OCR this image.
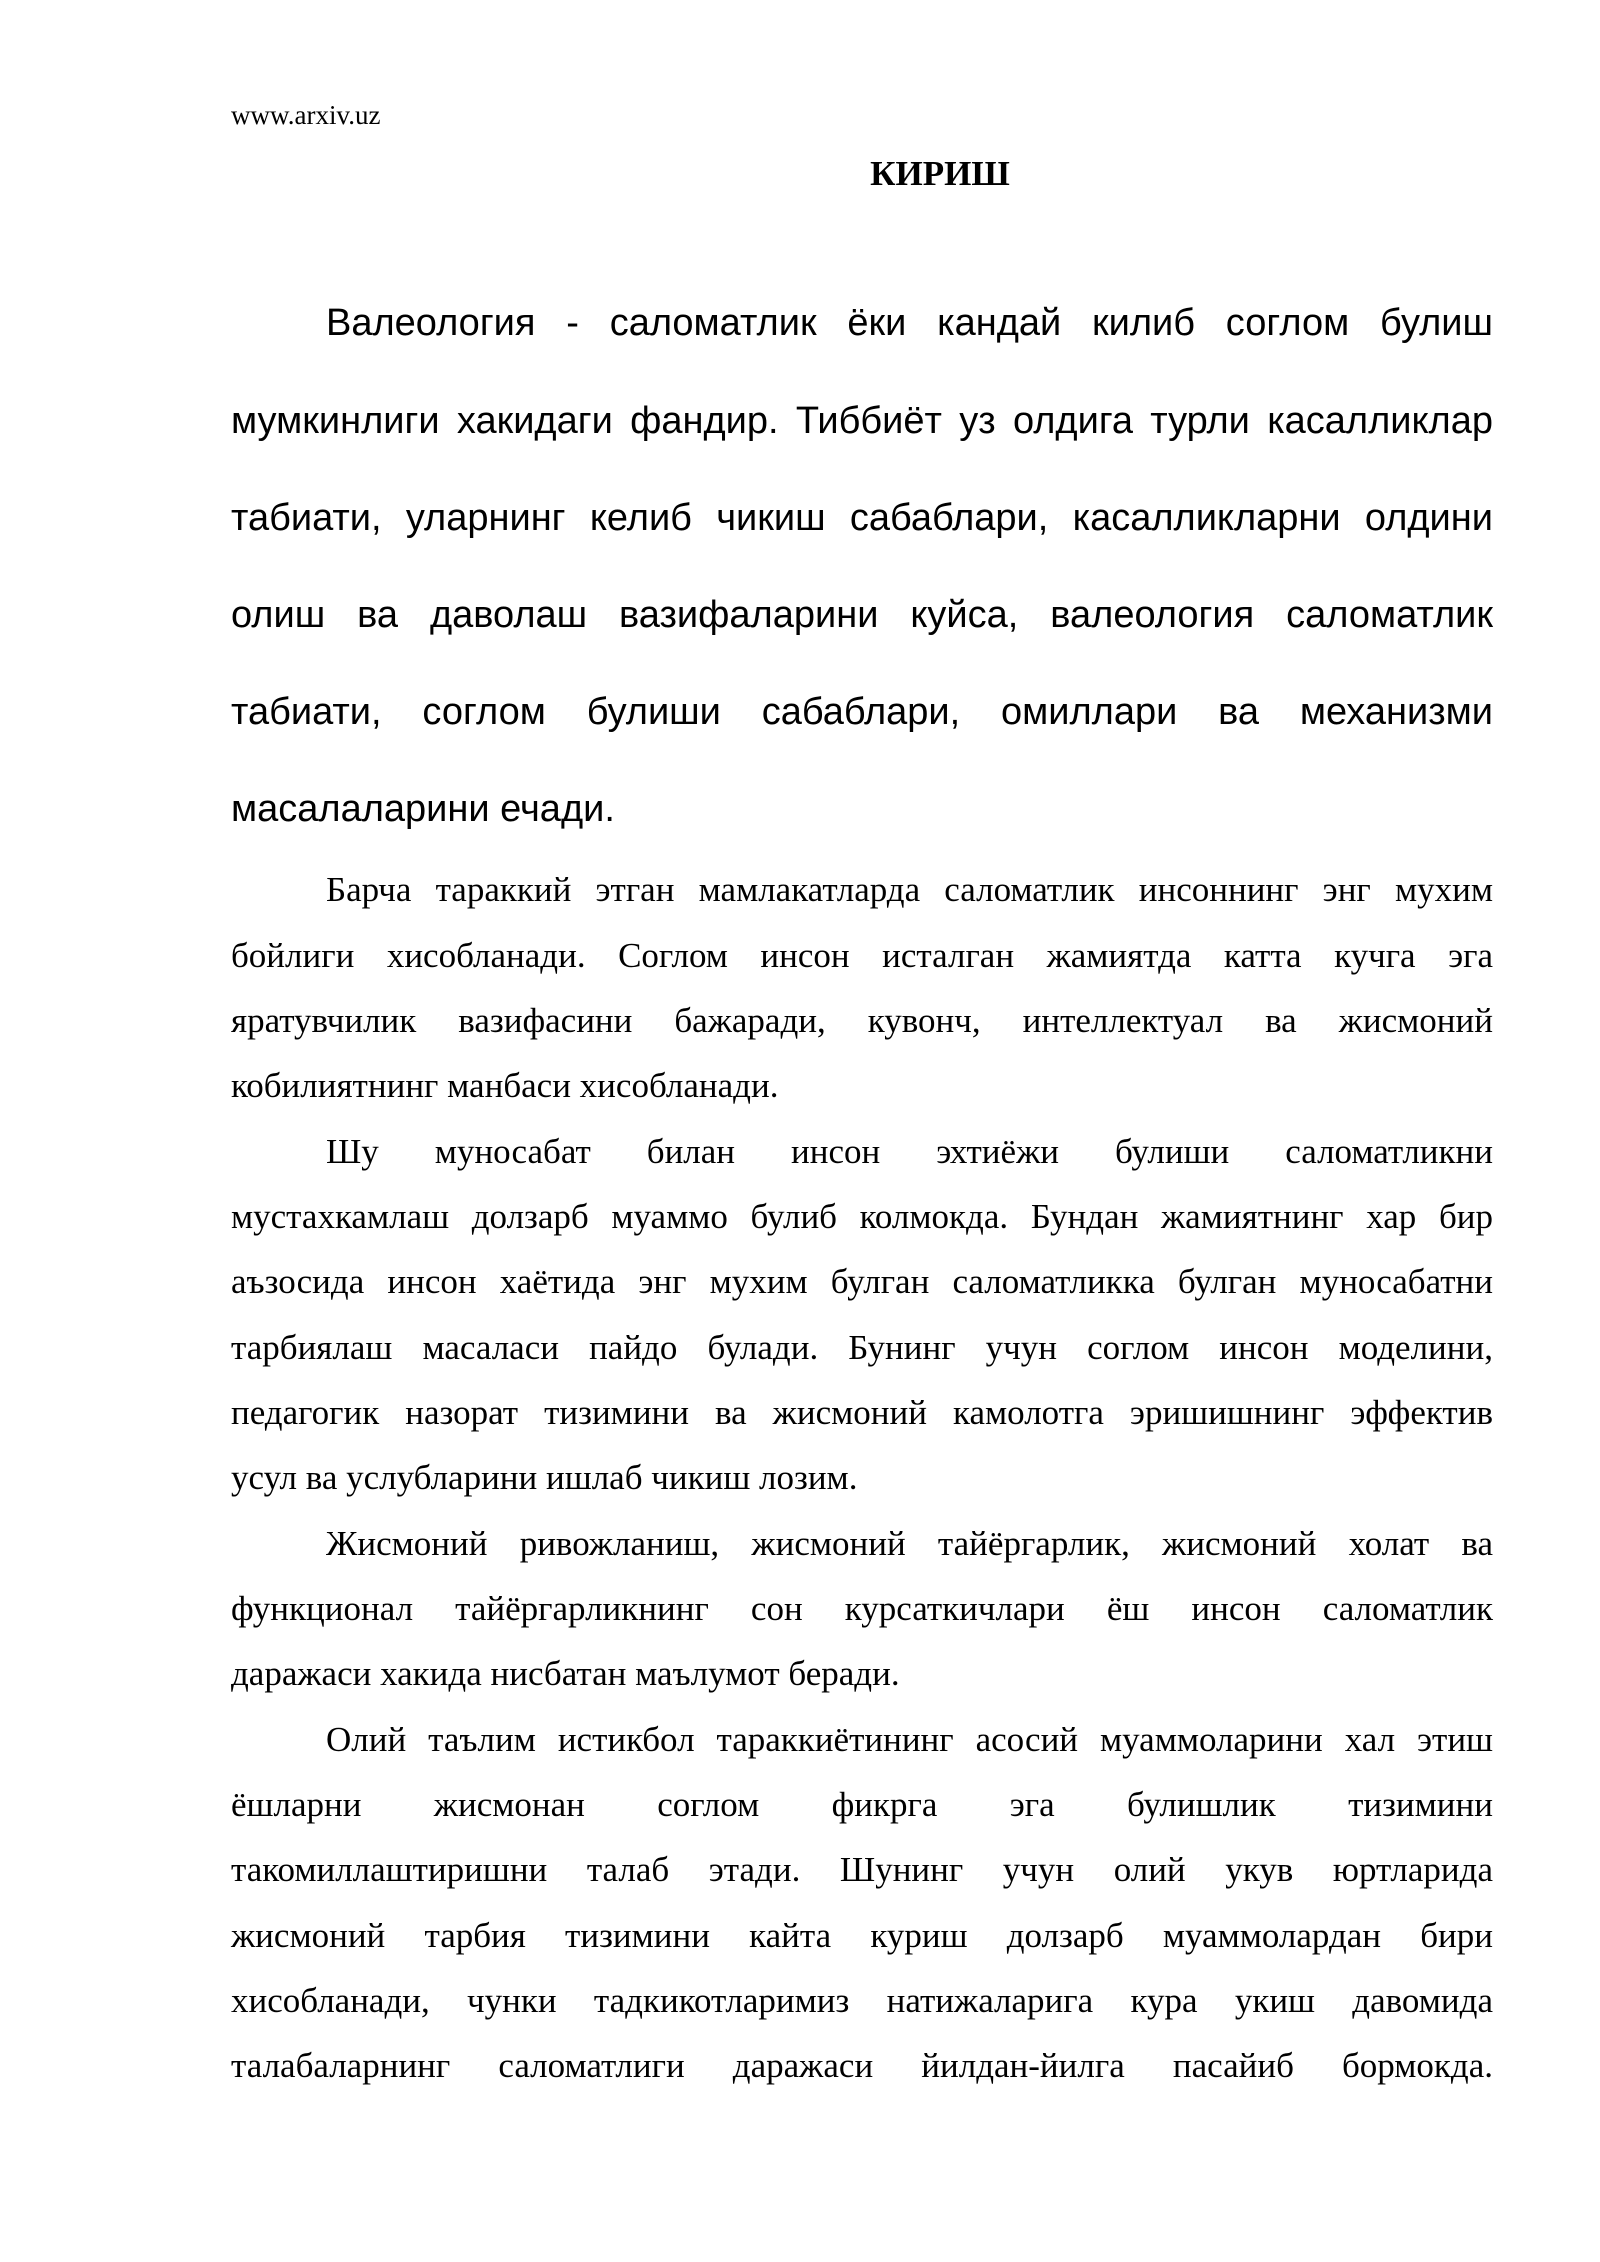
www.arxiv.uz
КИРИШ

Валеология - саломатлик ёки кандай килиб соглом булиш

мумкинлиги хакидаги фандир. Тиббиёт уз олдига турли касалликлар

табиати, уларнинг келиб чикиш сабаблари, касалликларни олдини

олиш ва даволаш вазифаларини куйса, валеология саломатлик

табиати, соглом булиши сабаблари, омиллари ва механизми

масалаларини ечади.

Барча тараккий этган мамлакатларда саломатлик инсоннинг энг мухим

бойлиги хисобланади. Соглом инсон исталган жамиятда катта кучга эга

яратувчилик вазифасини бажаради, кувонч, интеллектуал ва жисмоний

кобилиятнинг манбаси хисобланади.

Шу муносабат билан инсон эхтиёжи булиши саломатликни

мустахкамлаш долзарб муаммо булиб колмокда. Бундан жамиятнинг хар бир

аъзосида инсон хаётида энг мухим булган саломатликка булган муносабатни

тарбиялаш масаласи пайдо булади. Бунинг учун соглом инсон моделини,

педагогик назорат тизимини ва жисмоний камолотга эришишнинг эффектив

усул ва услубларини ишлаб чикиш лозим.

Жисмоний ривожланиш, жисмоний тайёргарлик, жисмоний холат ва

функционал тайёргарликнинг сон курсаткичлари ёш инсон саломатлик

даражаси хакида нисбатан маълумот беради.

Олий таълим истикбол тараккиётининг асосий муаммоларини хал этиш

ёшларни жисмонан соглом фикрга эга булишлик тизимини

такомиллаштиришни талаб этади. Шунинг учун олий укув юртларида

жисмоний тарбия тизимини кайта куриш долзарб муаммолардан бири

хисобланади, чунки тадкикотларимиз натижаларига кура укиш давомида

талабаларнинг саломатлиги даражаси йилдан-йилга пасайиб бормокда.
